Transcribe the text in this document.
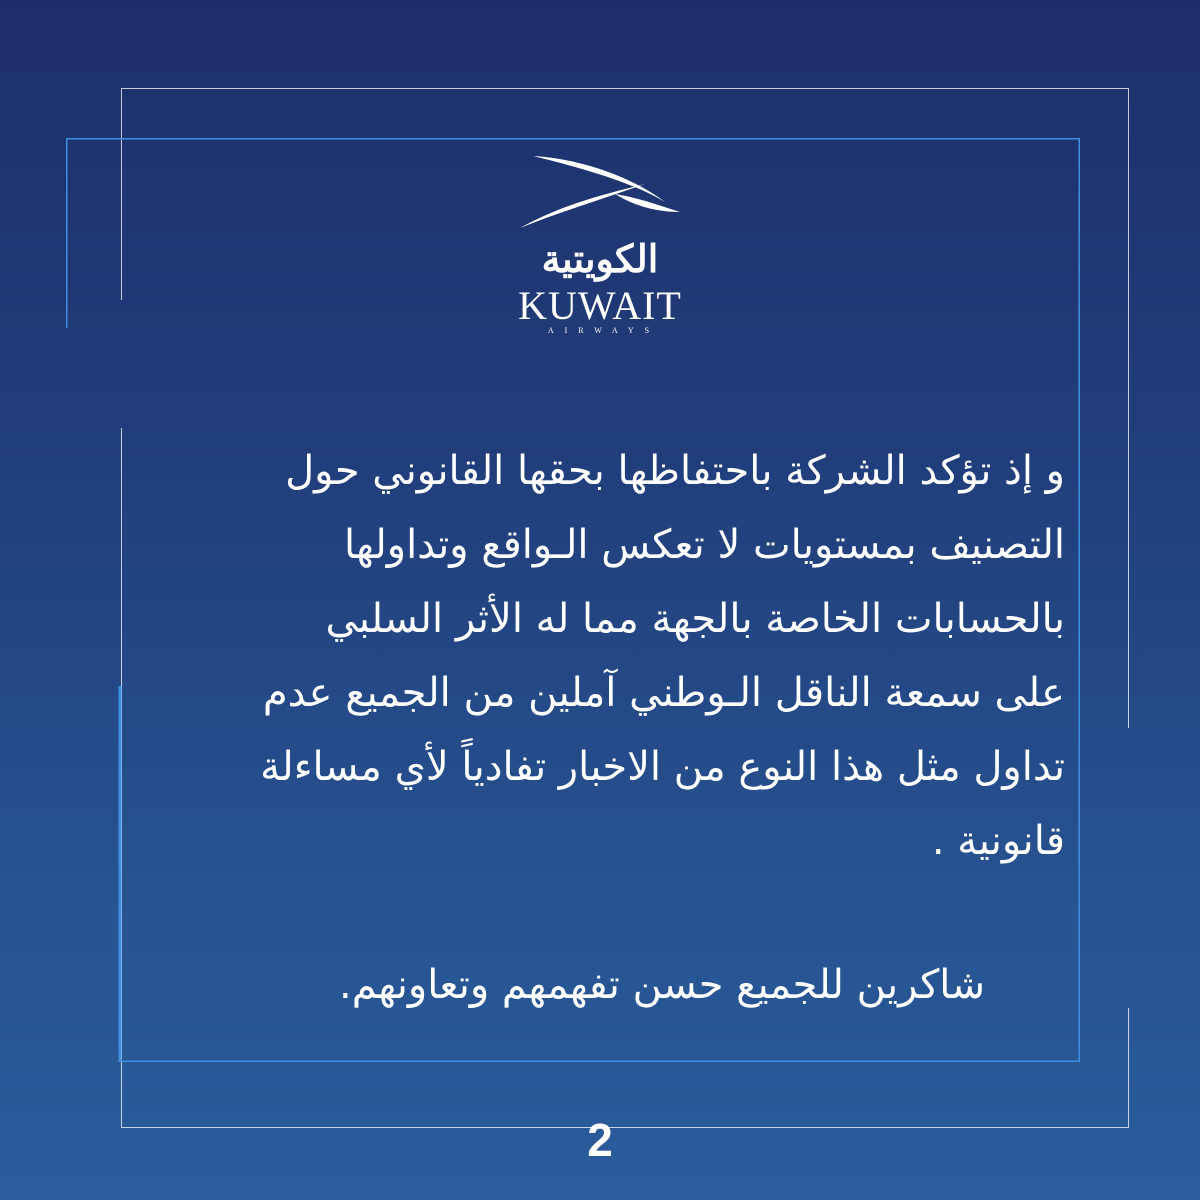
الكويتية
KUWAIT
AIRWAYS
و إذ تؤكد الشركة باحتفاظها بحقها القانوني حول
التصنيف بمستويات لا تعكس الـواقع وتداولها
بالحسابات الخاصة بالجهة مما له الأثر السلبي
على سمعة الناقل الـوطني آملين من الجميع عدم
تداول مثل هذا النوع من الاخبار تفادياً لأي مساءلة
قانونية .
شاكرين للجميع حسن تفهمهم وتعاونهم.
2
